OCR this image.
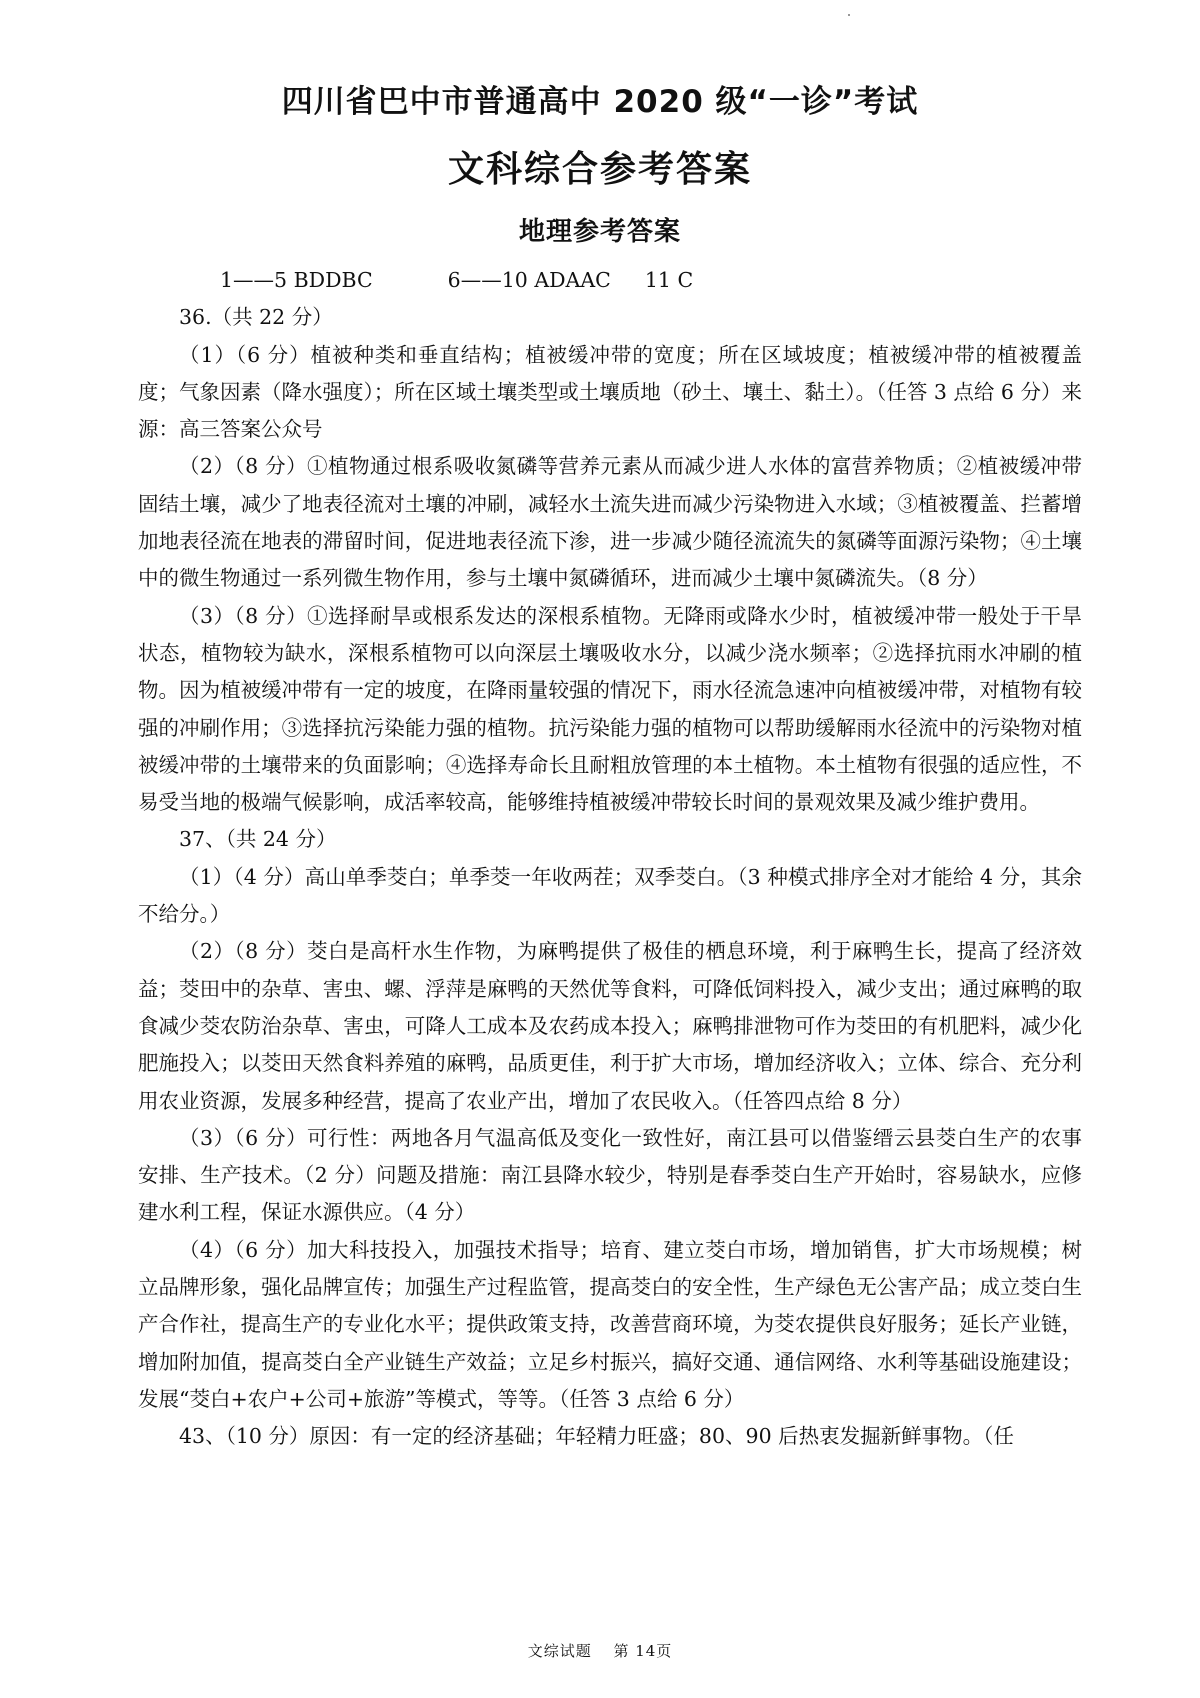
四川省巴中市普通高中 2020 级“一诊”考试
文科综合参考答案
地理参考答案

1——5 BDDBC	6——10 ADAAC 11 C

36.（共 22 分）

（1）（6 分）植被种类和垂直结构；植被缓冲带的宽度；所在区域坡度；植被缓冲带的植被覆盖度；气象因素（降水强度）；所在区域土壤类型或土壤质地（砂土、壤土、黏土）。（任答 3 点给 6 分）来源：高三答案公众号

（2）（8 分）①植物通过根系吸收氮磷等营养元素从而减少进人水体的富营养物质；②植被缓冲带固结土壤，减少了地表径流对土壤的冲刷，减轻水土流失进而减少污染物进入水域；③植被覆盖、拦蓄增加地表径流在地表的滞留时间，促进地表径流下渗，进一步减少随径流流失的氮磷等面源污染物；④土壤中的微生物通过一系列微生物作用，参与土壤中氮磷循环，进而减少土壤中氮磷流失。（8 分）

（3）（8 分）①选择耐旱或根系发达的深根系植物。无降雨或降水少时，植被缓冲带一般处于干旱状态，植物较为缺水，深根系植物可以向深层土壤吸收水分，以减少浇水频率；②选择抗雨水冲刷的植物。因为植被缓冲带有一定的坡度，在降雨量较强的情况下，雨水径流急速冲向植被缓冲带，对植物有较强的冲刷作用；③选择抗污染能力强的植物。抗污染能力强的植物可以帮助缓解雨水径流中的污染物对植被缓冲带的土壤带来的负面影响；④选择寿命长且耐粗放管理的本土植物。本土植物有很强的适应性，不易受当地的极端气候影响，成活率较高，能够维持植被缓冲带较长时间的景观效果及减少维护费用。

37、（共 24 分）

（1）（4 分）高山单季茭白；单季茭一年收两茬；双季茭白。（3 种模式排序全对才能给 4 分，其余不给分。）

（2）（8 分）茭白是高杆水生作物，为麻鸭提供了极佳的栖息环境，利于麻鸭生长，提高了经济效益；茭田中的杂草、害虫、螺、浮萍是麻鸭的天然优等食料，可降低饲料投入，减少支出；通过麻鸭的取食减少茭农防治杂草、害虫，可降人工成本及农药成本投入；麻鸭排泄物可作为茭田的有机肥料，减少化肥施投入；以茭田天然食料养殖的麻鸭，品质更佳，利于扩大市场，增加经济收入；立体、综合、充分利用农业资源，发展多种经营，提高了农业产出，增加了农民收入。（任答四点给 8 分）

（3）（6 分）可行性：两地各月气温高低及变化一致性好，南江县可以借鉴缙云县茭白生产的农事安排、生产技术。（2 分）问题及措施：南江县降水较少，特别是春季茭白生产开始时，容易缺水，应修建水利工程，保证水源供应。（4 分）

（4）（6 分）加大科技投入，加强技术指导；培育、建立茭白市场，增加销售，扩大市场规模；树立品牌形象，强化品牌宣传；加强生产过程监管，提高茭白的安全性，生产绿色无公害产品；成立茭白生产合作社，提高生产的专业化水平；提供政策支持，改善营商环境，为茭农提供良好服务；延长产业链，增加附加值，提高茭白全产业链生产效益；立足乡村振兴，搞好交通、通信网络、水利等基础设施建设；发展“茭白+农户+公司+旅游”等模式，等等。（任答 3 点给 6 分）

43、（10 分）原因：有一定的经济基础；年轻精力旺盛；80、90 后热衷发掘新鲜事物。（任

文综试题　 第 14页
